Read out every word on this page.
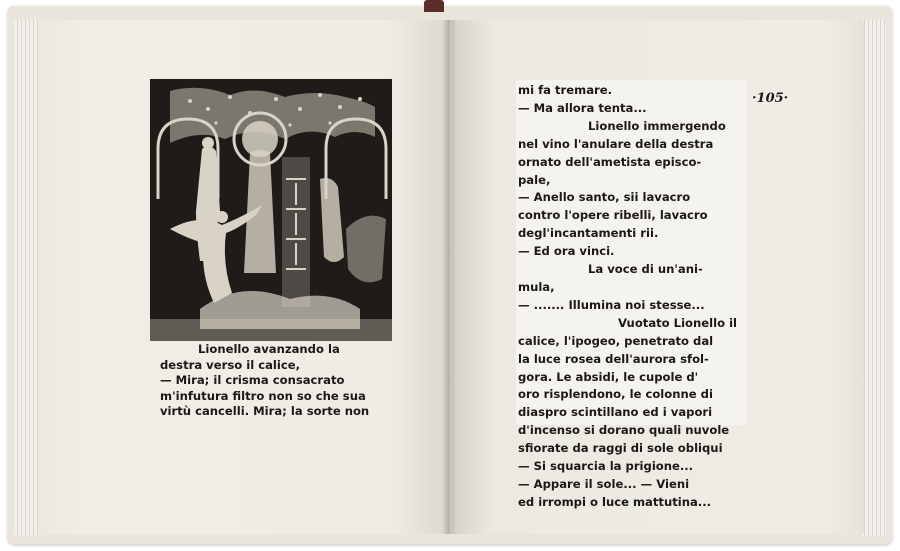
Lionello avanzando la
destra verso il calice,
— Mira; il crisma consacrato
m'infutura filtro non so che sua
virtù cancelli. Mira; la sorte non
·105·
mi fa tremare.
— Ma allora tenta...
Lionello immergendo
nel vino l'anulare della destra
ornato dell'ametista episco-
pale,
— Anello santo, sii lavacro
contro l'opere ribelli, lavacro
degl'incantamenti rii.
— Ed ora vinci.
La voce di un'ani-
mula,
— ....... Illumina noi stesse...
Vuotato Lionello il
calice, l'ipogeo, penetrato dal
la luce rosea dell'aurora sfol-
gora. Le absidi, le cupole d'
oro risplendono, le colonne di
diaspro scintillano ed i vapori
d'incenso si dorano quali nuvole
sfiorate da raggi di sole obliqui
— Si squarcia la prigione...
— Appare il sole... — Vieni
ed irrompi o luce mattutina...
